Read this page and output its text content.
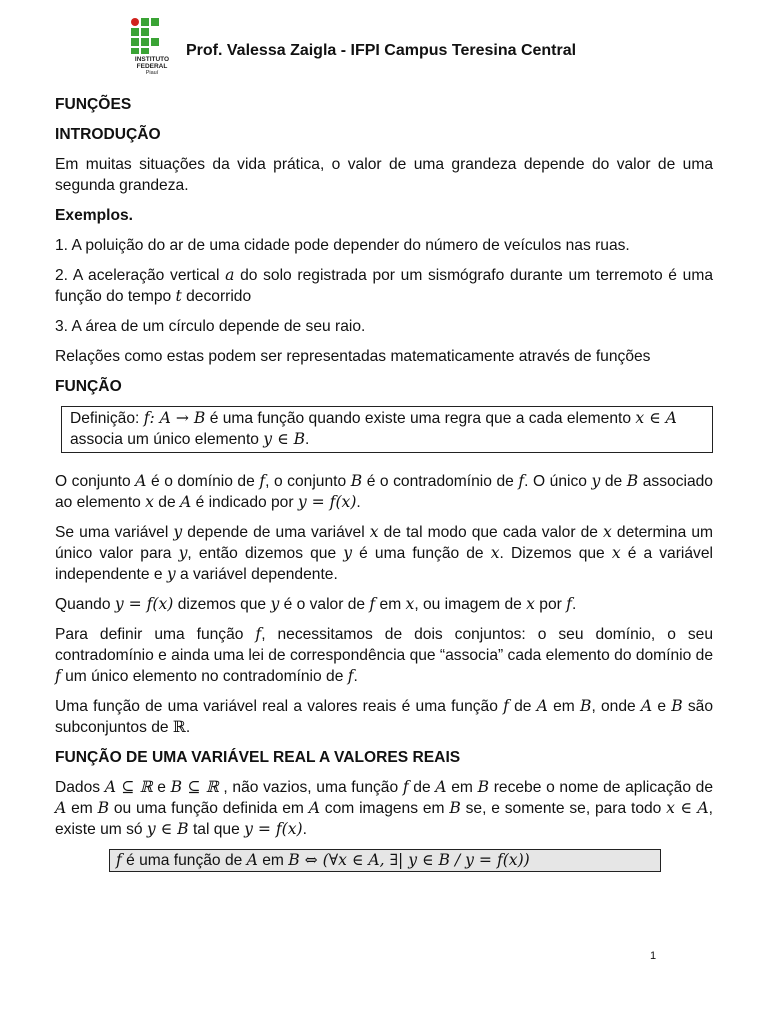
INSTITUTO
FEDERAL
Piauí
Prof. Valessa Zaigla - IFPI Campus Teresina Central
FUNÇÕES
INTRODUÇÃO

Em muitas situações da vida prática, o valor de uma grandeza depende do valor de uma segunda grandeza.

Exemplos.

1. A poluição do ar de uma cidade pode depender do número de veículos nas ruas.

2. A aceleração vertical a do solo registrada por um sismógrafo durante um terremoto é uma função do tempo t decorrido

3. A área de um círculo depende de seu raio.

Relações como estas podem ser representadas matematicamente através de funções

FUNÇÃO
Definição: f: A → B é uma função quando existe uma regra que a cada elemento x ∈ A associa um único elemento y ∈ B.

O conjunto A é o domínio de f, o conjunto B é o contradomínio de f. O único y de B associado ao elemento x de A é indicado por y = f(x).

Se uma variável y depende de uma variável x de tal modo que cada valor de x determina um único valor para y, então dizemos que y é uma função de x. Dizemos que x é a variável independente e y a variável dependente.

Quando y = f(x) dizemos que y é o valor de f em x, ou imagem de x por f.

Para definir uma função f, necessitamos de dois conjuntos: o seu domínio, o seu contradomínio e ainda uma lei de correspondência que “associa” cada elemento do domínio de f um único elemento no contradomínio de f.

Uma função de uma variável real a valores reais é uma função f de A em B, onde A e B são subconjuntos de ℝ.

FUNÇÃO DE UMA VARIÁVEL REAL A VALORES REAIS

Dados A ⊆ ℝ e B ⊆ ℝ , não vazios, uma função f de A em B recebe o nome de aplicação de A em B ou uma função definida em A com imagens em B se, e somente se, para todo x ∈ A, existe um só y ∈ B tal que y = f(x).

f é uma função de A em B ⇔ (∀x ∈ A, ∃| y ∈ B / y = f(x))
1
